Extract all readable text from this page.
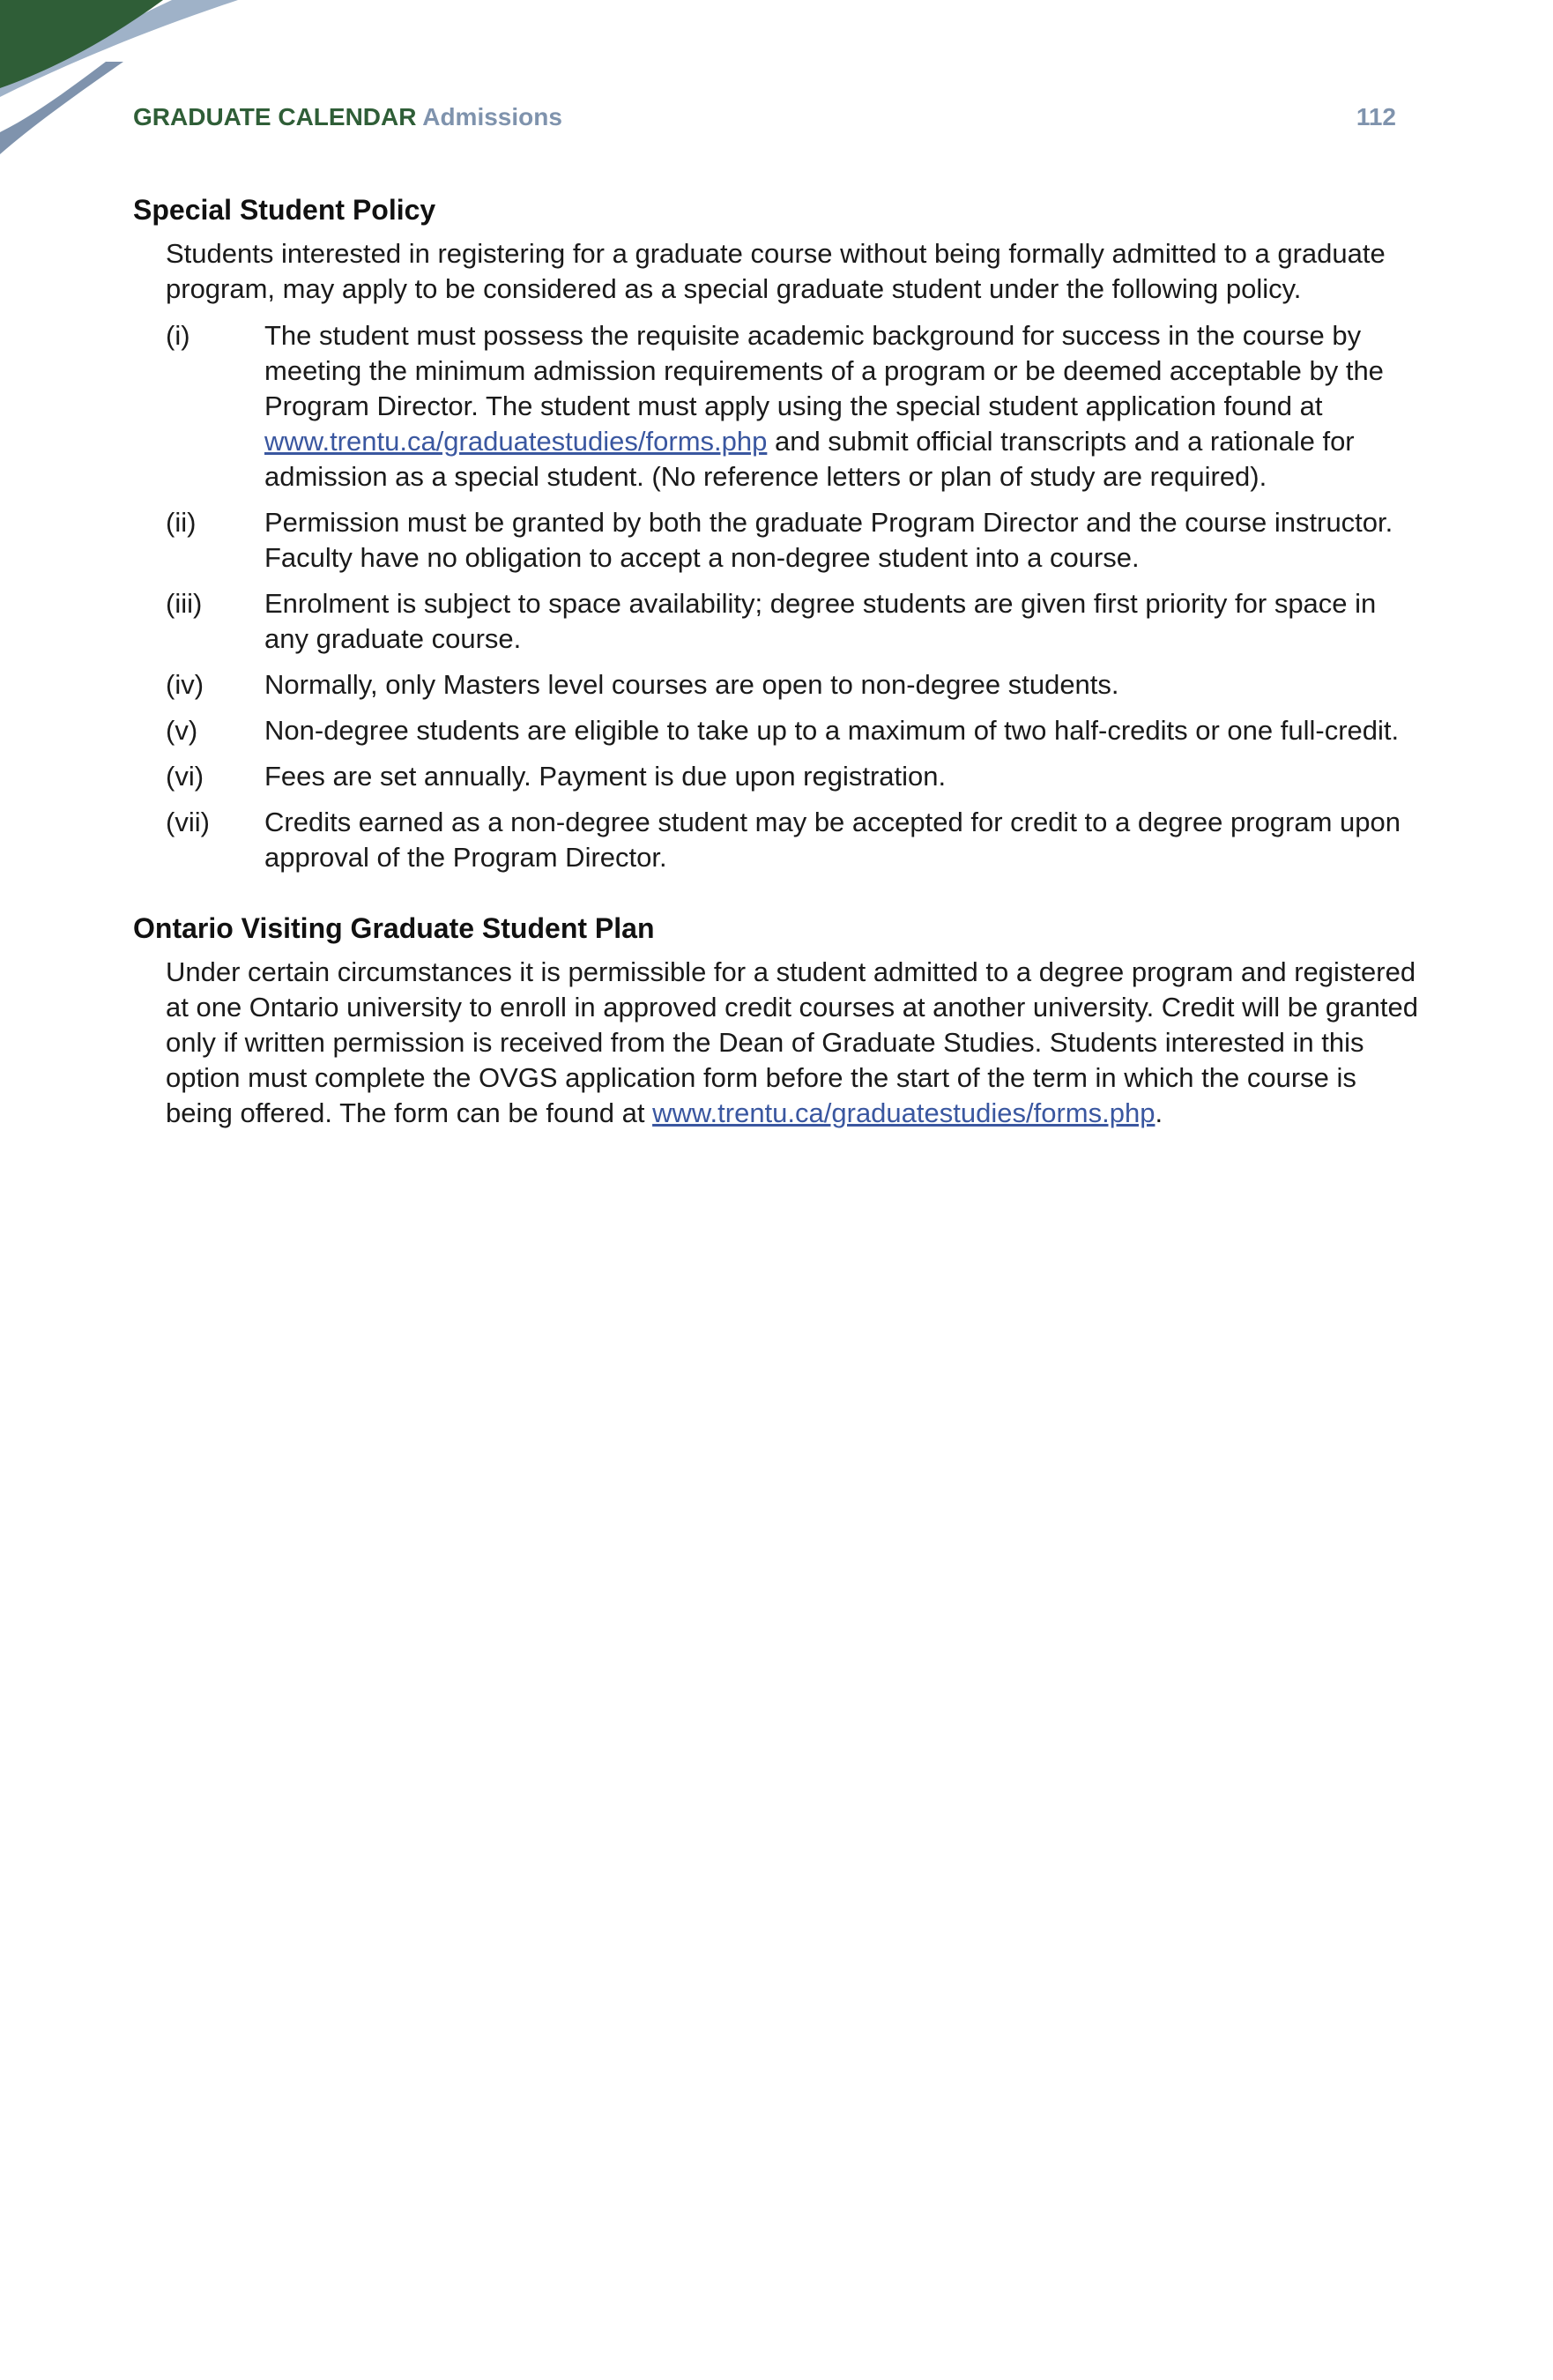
GRADUATE CALENDAR Admissions	112
Special Student Policy

Students interested in registering for a graduate course without being formally admitted to a graduate program, may apply to be considered as a special graduate student under the following policy.

(i)	The student must possess the requisite academic background for success in the course by meeting the minimum admission requirements of a program or be deemed acceptable by the Program Director. The student must apply using the special student application found at www.trentu.ca/graduatestudies/forms.php and submit official transcripts and a rationale for admission as a special student. (No reference letters or plan of study are required).
(ii)	Permission must be granted by both the graduate Program Director and the course instructor. Faculty have no obligation to accept a non-degree student into a course.
(iii)	Enrolment is subject to space availability; degree students are given first priority for space in any graduate course.
(iv)	Normally, only Masters level courses are open to non-degree students.
(v)	Non-degree students are eligible to take up to a maximum of two half-credits or one full-credit.
(vi)	Fees are set annually. Payment is due upon registration.
(vii)	Credits earned as a non-degree student may be accepted for credit to a degree program upon approval of the Program Director.
Ontario Visiting Graduate Student Plan

Under certain circumstances it is permissible for a student admitted to a degree program and registered at one Ontario university to enroll in approved credit courses at another university. Credit will be granted only if written permission is received from the Dean of Graduate Studies. Students interested in this option must complete the OVGS application form before the start of the term in which the course is being offered. The form can be found at www.trentu.ca/graduatestudies/forms.php.
